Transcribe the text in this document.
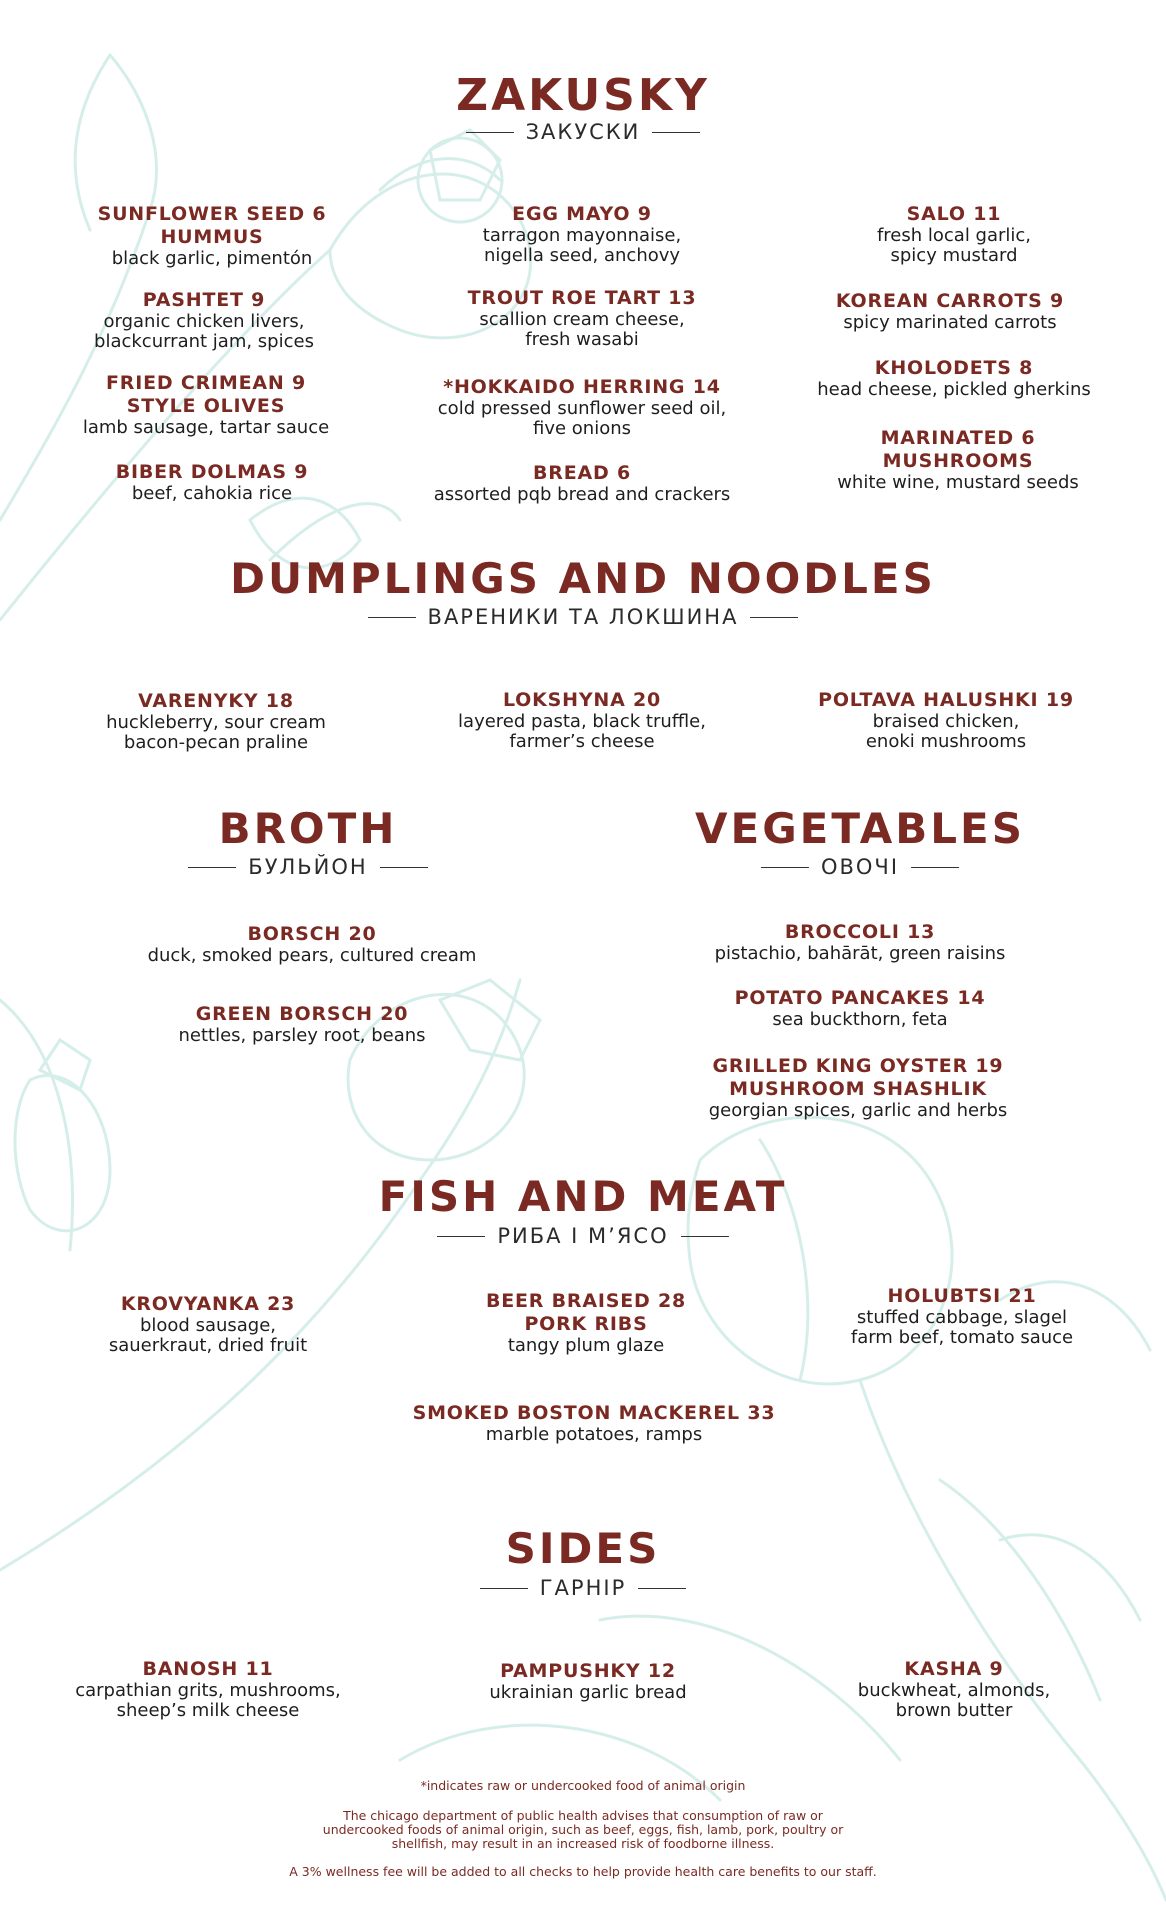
ZAKUSKY
ЗАКУСКИ
SUNFLOWER SEED 6
HUMMUS
black garlic, pimentón
PASHTET 9
organic chicken livers,
blackcurrant jam, spices
FRIED CRIMEAN 9
STYLE OLIVES
lamb sausage, tartar sauce
BIBER DOLMAS 9
beef, cahokia rice
EGG MAYO 9
tarragon mayonnaise,
nigella seed, anchovy
TROUT ROE TART 13
scallion cream cheese,
fresh wasabi
*HOKKAIDO HERRING 14
cold pressed sunflower seed oil,
five onions
BREAD 6
assorted pqb bread and crackers
SALO 11
fresh local garlic,
spicy mustard
KOREAN CARROTS 9
spicy marinated carrots
KHOLODETS 8
head cheese, pickled gherkins
MARINATED 6
MUSHROOMS
white wine, mustard seeds
DUMPLINGS AND NOODLES
ВАРЕНИКИ ТА ЛОКШИНА
VARENYKY 18
huckleberry, sour cream
bacon-pecan praline
LOKSHYNA 20
layered pasta, black truffle,
farmer’s cheese
POLTAVA HALUSHKI 19
braised chicken,
enoki mushrooms
BROTH
БУЛЬЙОН
BORSCH 20
duck, smoked pears, cultured cream
GREEN BORSCH 20
nettles, parsley root, beans
VEGETABLES
ОВОЧІ
BROCCOLI 13
pistachio, bahārāt, green raisins
POTATO PANCAKES 14
sea buckthorn, feta
GRILLED KING OYSTER 19
MUSHROOM SHASHLIK
georgian spices, garlic and herbs
FISH AND MEAT
РИБА І М’ЯСО
KROVYANKA 23
blood sausage,
sauerkraut, dried fruit
BEER BRAISED 28
PORK RIBS
tangy plum glaze
HOLUBTSI 21
stuffed cabbage, slagel
farm beef, tomato sauce
SMOKED BOSTON MACKEREL 33
marble potatoes, ramps
SIDES
ГАРНІР
BANOSH 11
carpathian grits, mushrooms,
sheep’s milk cheese
PAMPUSHKY 12
ukrainian garlic bread
KASHA 9
buckwheat, almonds,
brown butter
*indicates raw or undercooked food of animal origin
The chicago department of public health advises that consumption of raw or
undercooked foods of animal origin, such as beef, eggs, fish, lamb, pork, poultry or
shellfish, may result in an increased risk of foodborne illness.
A 3% wellness fee will be added to all checks to help provide health care benefits to our staff.
